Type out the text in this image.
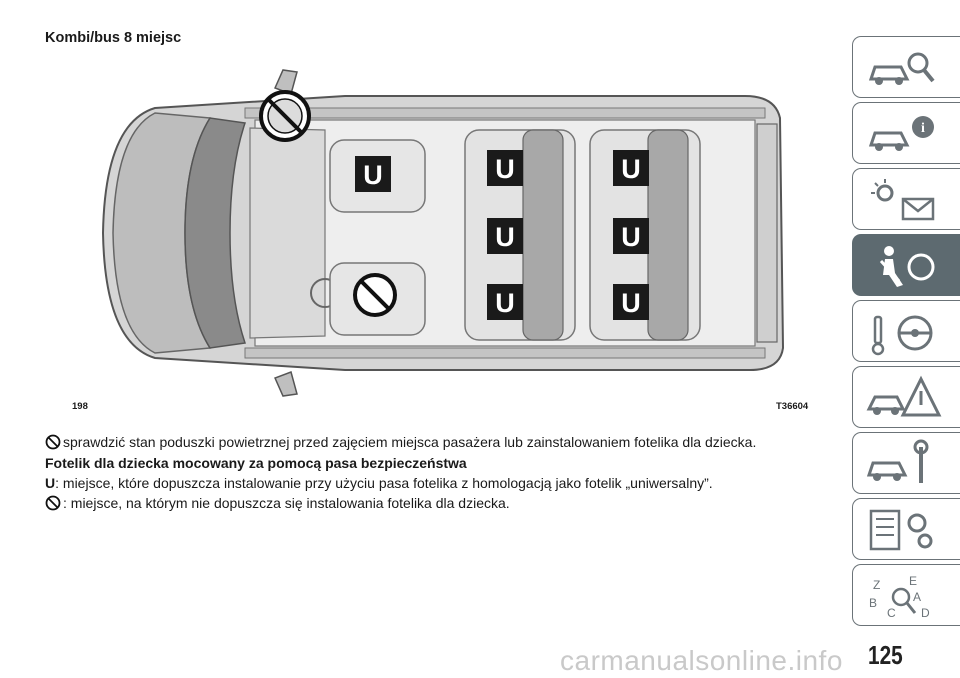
Kombi/bus 8 miejsc
U	U
U
U
U
U
U
198	T36604
sprawdzić stan poduszki powietrznej przed zajęciem miejsca pasażera lub zainstalowaniem fotelika dla dziecka.
Fotelik dla dziecka mocowany za pomocą pasa bezpieczeństwa
U: miejsce, które dopuszcza instalowanie przy użyciu pasa fotelika z homologacją jako fotelik „uniwersalny”.
: miejsce, na którym nie dopuszcza się instalowania fotelika dla dziecka.
i
Z E
B	A
C D
carmanualsonline.info 125
